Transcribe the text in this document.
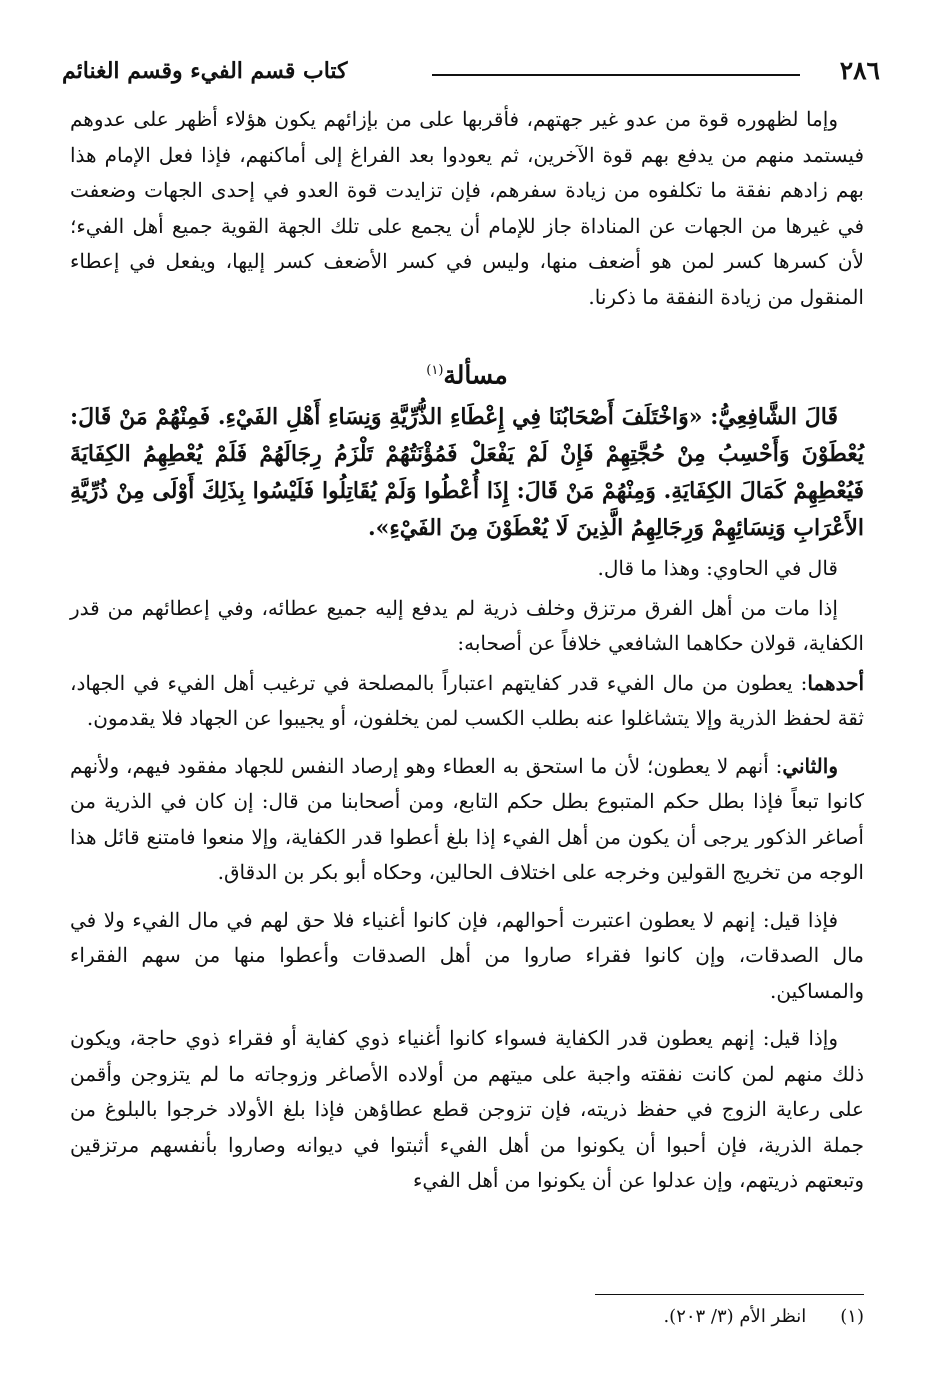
٢٨٦
كتاب قسم الفيء وقسم الغنائم

وإما لظهوره قوة من عدو غير جهتهم، فأقربها على من بإزائهم يكون هؤلاء أظهر على عدوهم فيستمد منهم من يدفع بهم قوة الآخرين، ثم يعودوا بعد الفراغ إلى أماكنهم، فإذا فعل الإمام هذا بهم زادهم نفقة ما تكلفوه من زيادة سفرهم، فإن تزايدت قوة العدو في إحدى الجهات وضعفت في غيرها من الجهات عن المناداة جاز للإمام أن يجمع على تلك الجهة القوية جميع أهل الفيء؛ لأن كسرها كسر لمن هو أضعف منها، وليس في كسر الأضعف كسر إليها، ويفعل في إعطاء المنقول من زيادة النفقة ما ذكرنا.

مسألة$^{(١)}$

قَالَ الشَّافِعِيُّ: «وَاخْتَلَفَ أَصْحَابُنَا فِي إِعْطَاءِ الذُّرِّيَّةِ وَنِسَاءِ أَهْلِ الفَيْءِ. فَمِنْهُمْ مَنْ قَالَ: يُعْطَوْنَ وَأَحْسِبُ مِنْ حُجَّتِهِمْ فَإِنْ لَمْ يَفْعَلْ فَمُؤْنَتُهُمْ تَلْزَمُ رِجَالَهُمْ فَلَمْ يُعْطِهِمُ الكِفَايَةَ فَيُعْطِهِمْ كَمَالَ الكِفَايَةِ. وَمِنْهُمْ مَنْ قَالَ: إِذَا أُعْطُوا وَلَمْ يُقَاتِلُوا فَلَيْسُوا بِذَلِكَ أَوْلَى مِنْ ذُرِّيَّةِ الأَعْرَابِ وَنِسَائِهِمْ وَرِجَالِهِمُ الَّذِينَ لَا يُعْطَوْنَ مِنَ الفَيْءِ».

قال في الحاوي: وهذا ما قال.

إذا مات من أهل الفرق مرتزق وخلف ذرية لم يدفع إليه جميع عطائه، وفي إعطائهم من قدر الكفاية، قولان حكاهما الشافعي خلافاً عن أصحابه:

أحدهما: يعطون من مال الفيء قدر كفايتهم اعتباراً بالمصلحة في ترغيب أهل الفيء في الجهاد، ثقة لحفظ الذرية وإلا يتشاغلوا عنه بطلب الكسب لمن يخلفون، أو يجيبوا عن الجهاد فلا يقدمون.

والثاني: أنهم لا يعطون؛ لأن ما استحق به العطاء وهو إرصاد النفس للجهاد مفقود فيهم، ولأنهم كانوا تبعاً فإذا بطل حكم المتبوع بطل حكم التابع، ومن أصحابنا من قال: إن كان في الذرية من أصاغر الذكور يرجى أن يكون من أهل الفيء إذا بلغ أعطوا قدر الكفاية، وإلا منعوا فامتنع قائل هذا الوجه من تخريج القولين وخرجه على اختلاف الحالين، وحكاه أبو بكر بن الدقاق.

فإذا قيل: إنهم لا يعطون اعتبرت أحوالهم، فإن كانوا أغنياء فلا حق لهم في مال الفيء ولا في مال الصدقات، وإن كانوا فقراء صاروا من أهل الصدقات وأعطوا منها من سهم الفقراء والمساكين.

وإذا قيل: إنهم يعطون قدر الكفاية فسواء كانوا أغنياء ذوي كفاية أو فقراء ذوي حاجة، ويكون ذلك منهم لمن كانت نفقته واجبة على ميتهم من أولاده الأصاغر وزوجاته ما لم يتزوجن وأقمن على رعاية الزوج في حفظ ذريته، فإن تزوجن قطع عطاؤهن فإذا بلغ الأولاد خرجوا بالبلوغ من جملة الذرية، فإن أحبوا أن يكونوا من أهل الفيء أثبتوا في ديوانه وصاروا بأنفسهم مرتزقين وتبعتهم ذريتهم، وإن عدلوا عن أن يكونوا من أهل الفيء

(١)انظر الأم (٣/ ٢٠٣).
